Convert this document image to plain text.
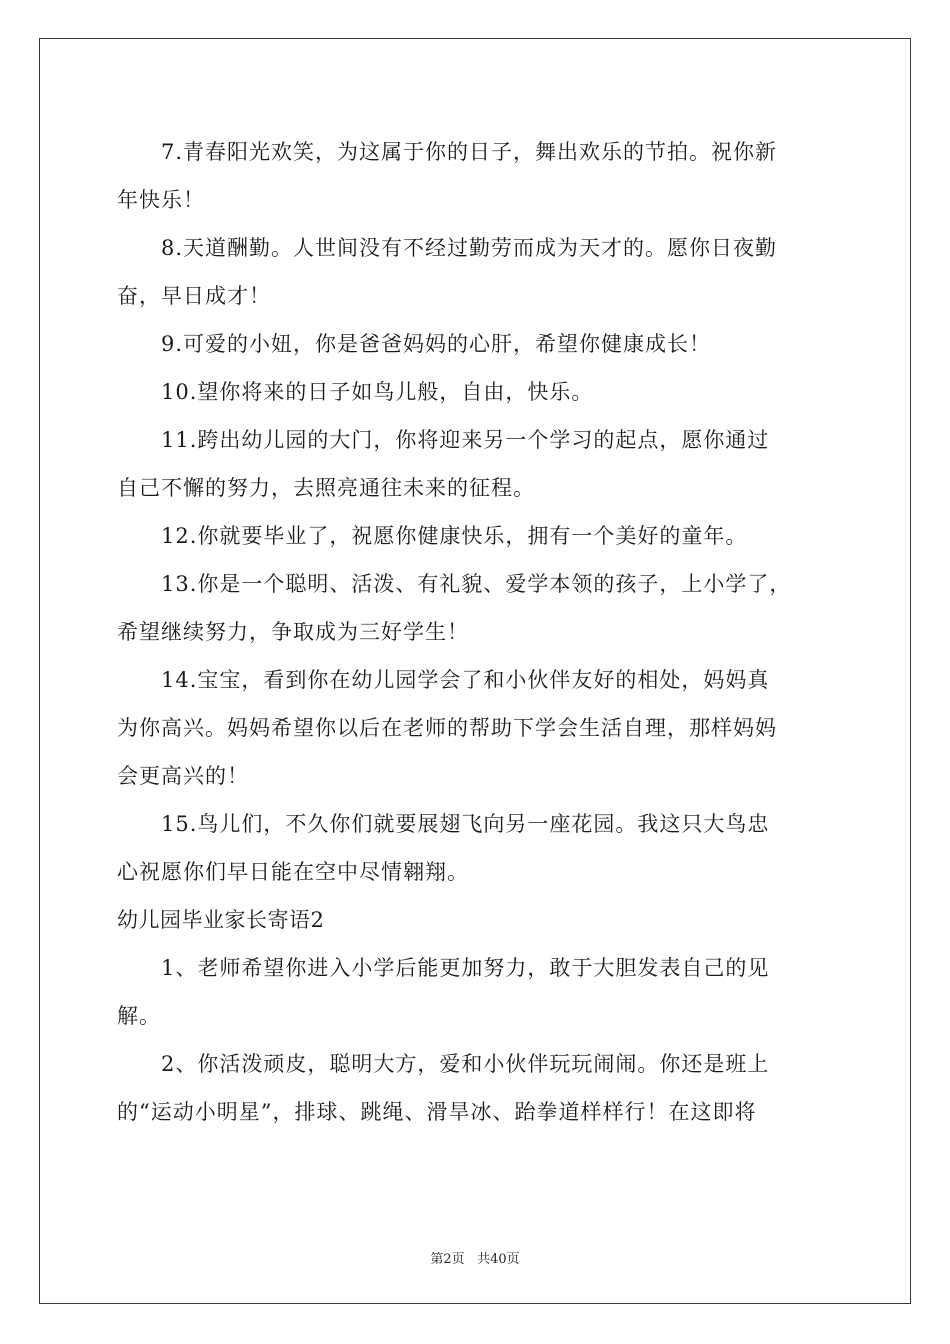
7.青春阳光欢笑，为这属于你的日子，舞出欢乐的节拍。祝你新
年快乐！
8.天道酬勤。人世间没有不经过勤劳而成为天才的。愿你日夜勤
奋，早日成才！
9.可爱的小妞，你是爸爸妈妈的心肝，希望你健康成长！
10.望你将来的日子如鸟儿般，自由，快乐。
11.跨出幼儿园的大门，你将迎来另一个学习的起点，愿你通过
自己不懈的努力，去照亮通往未来的征程。
12.你就要毕业了，祝愿你健康快乐，拥有一个美好的童年。
13.你是一个聪明、活泼、有礼貌、爱学本领的孩子，上小学了，
希望继续努力，争取成为三好学生！
14.宝宝，看到你在幼儿园学会了和小伙伴友好的相处，妈妈真
为你高兴。妈妈希望你以后在老师的帮助下学会生活自理，那样妈妈
会更高兴的！
15.鸟儿们，不久你们就要展翅飞向另一座花园。我这只大鸟忠
心祝愿你们早日能在空中尽情翱翔。
幼儿园毕业家长寄语2
1、老师希望你进入小学后能更加努力，敢于大胆发表自己的见
解。
2、你活泼顽皮，聪明大方，爱和小伙伴玩玩闹闹。你还是班上
的“运动小明星”，排球、跳绳、滑旱冰、跆拳道样样行！在这即将
第2页 共40页
